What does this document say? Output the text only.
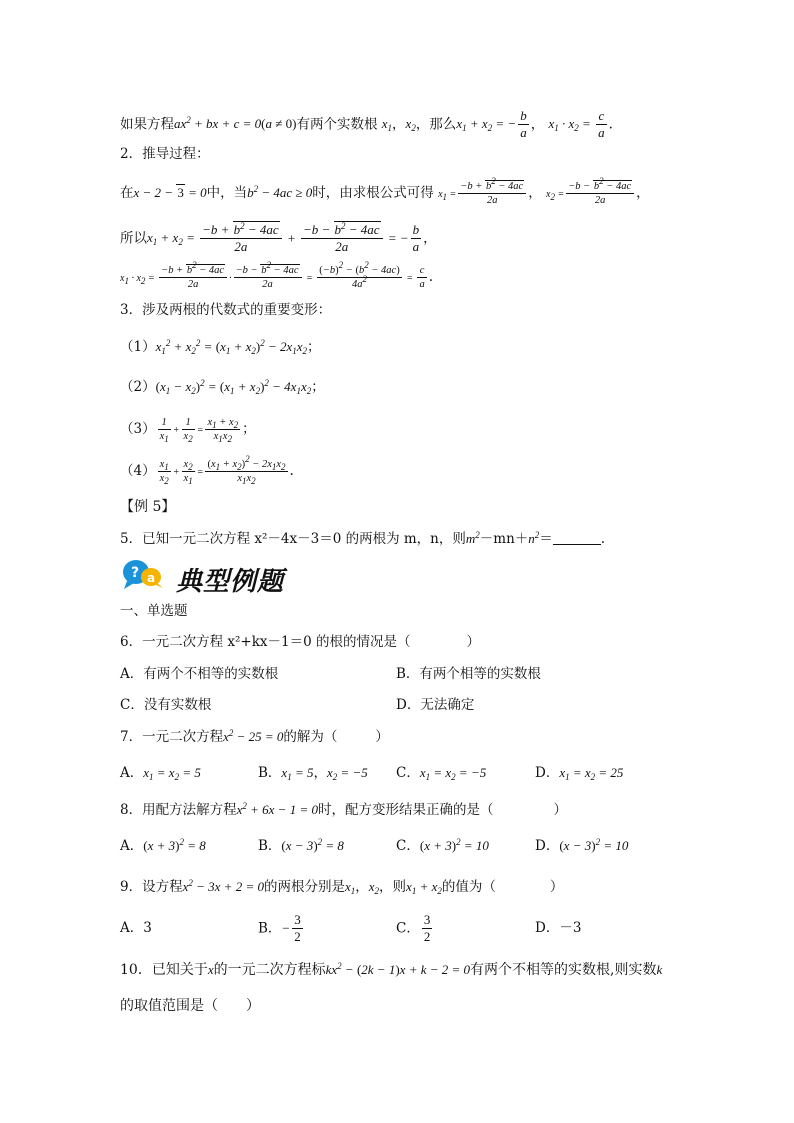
如果方程$ax^2$ + bx + c = 0(a ≠ 0)有两个实数根 $x_1$，$x_2$，那么$x_1 + x_2$ = − $\frac{b}{a}$ ， $x_1 \cdot x_2 = \frac{c}{a}$ .
2．推导过程：
在x − 2 − 3 = 0中，当$b^2 - 4ac \ge 0$时，由求根公式可得 $x_1 = \frac{-b + b^2 - 4ac}{2a}$ ， $x_2 = \frac{-b - b^2 - 4ac}{2a}$ ，
所以$x_1 + x_2 = \frac{-b + b^2 - 4ac}{2a} + \frac{-b - b^2 - 4ac}{2a}$ = − $\frac{b}{a}$ ，
$x_1 \cdot x_2 = \frac{-b + b^2 - 4ac}{2a} \cdot \frac{-b - b^2 - 4ac}{2a} = \frac{(-b)^2 - (b^2 - 4ac)}{4a^2} = \frac{c}{a}$ .
3．涉及两根的代数式的重要变形：
$(1)x_1^2 + x_2^2 = (x_1 + x_2)^2 - 2x_1x_2$；
$(2)(x_1 - x_2)^2 = (x_1 + x_2)^2 - 4x_1x_2$；
$(3) \frac{1}{x_1} + \frac{1}{x_2} = \frac{x_1 + x_2}{x_1x_2}$ ；
$(4) \frac{x_1}{x_2} + \frac{x_2}{x_1} = \frac{(x_1 + x_2)^2 - 2x_1x_2}{x_1x_2}$ .
【例 5】
5．已知一元二次方程 x²－4x－3＝0 的两根为 m，n，则$m^2-mn+n^2=$	.
? a 典型例题
一、单选题
6．一元二次方程 x²+kx－1＝0 的根的情况是（	）
A．有两个不相等的实数根	B．有两个相等的实数根
C．没有实数根	D．无法确定
7．一元二次方程$x^2 - 25 = 0$的解为（	）
A．$x_1 = x_2 = 5$	B．$x_1 = 5$，$x_2 = -5$ C．$x_1 = x_2 = -5$	D．$x_1 = x_2 = 25$
8．用配方法解方程$x^2 + 6x - 1 = 0$时，配方变形结果正确的是（	）
A．$(x + 3)^2 = 8$	B．$(x - 3)^2 = 8$	C．$(x + 3)^2 = 10$	D．$(x - 3)^2 = 10$
9．设方程$x^2 - 3x + 2 = 0$的两根分别是$x_1$，$x_2$，则$x_1 + x_2$的值为（	）
A．3	B．− $\frac{3}{2}$	C． $\frac{3}{2}$	D．－3
10．已知关于x的一元二次方程标$kx^2 - (2k - 1)x + k - 2 = 0$有两个不相等的实数根,则实数k
的取值范围是（ ）
